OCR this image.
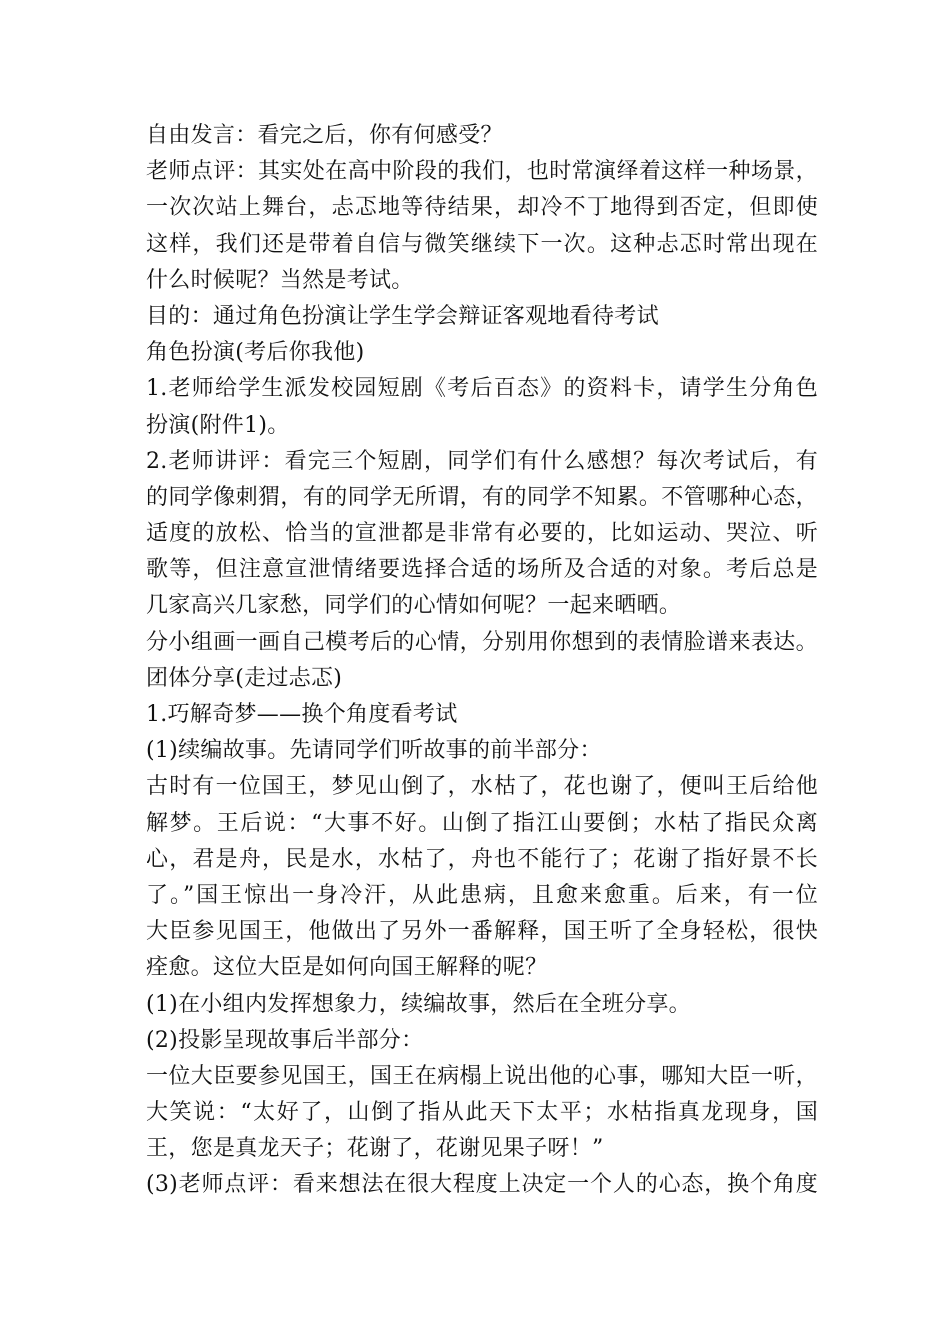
自由发言：看完之后，你有何感受？
老师点评：其实处在高中阶段的我们，也时常演绎着这样一种场景，
一次次站上舞台，忐忑地等待结果，却冷不丁地得到否定，但即使
这样，我们还是带着自信与微笑继续下一次。这种忐忑时常出现在
什么时候呢？当然是考试。
目的：通过角色扮演让学生学会辩证客观地看待考试
角色扮演(考后你我他)
1.老师给学生派发校园短剧《考后百态》的资料卡，请学生分角色
扮演(附件1)。
2.老师讲评：看完三个短剧，同学们有什么感想？每次考试后，有
的同学像刺猬，有的同学无所谓，有的同学不知累。不管哪种心态，
适度的放松、恰当的宣泄都是非常有必要的，比如运动、哭泣、听
歌等，但注意宣泄情绪要选择合适的场所及合适的对象。考后总是
几家高兴几家愁，同学们的心情如何呢？一起来晒晒。
分小组画一画自己模考后的心情，分别用你想到的表情脸谱来表达。
团体分享(走过忐忑)
1.巧解奇梦——换个角度看考试
(1)续编故事。先请同学们听故事的前半部分：
古时有一位国王，梦见山倒了，水枯了，花也谢了，便叫王后给他
解梦。王后说：“大事不好。山倒了指江山要倒；水枯了指民众离
心，君是舟，民是水，水枯了，舟也不能行了；花谢了指好景不长
了。”国王惊出一身冷汗，从此患病，且愈来愈重。后来，有一位
大臣参见国王，他做出了另外一番解释，国王听了全身轻松，很快
痊愈。这位大臣是如何向国王解释的呢？
(1)在小组内发挥想象力，续编故事，然后在全班分享。
(2)投影呈现故事后半部分：
一位大臣要参见国王，国王在病榻上说出他的心事，哪知大臣一听，
大笑说：“太好了，山倒了指从此天下太平；水枯指真龙现身，国
王，您是真龙天子；花谢了，花谢见果子呀！”
(3)老师点评：看来想法在很大程度上决定一个人的心态，换个角度
